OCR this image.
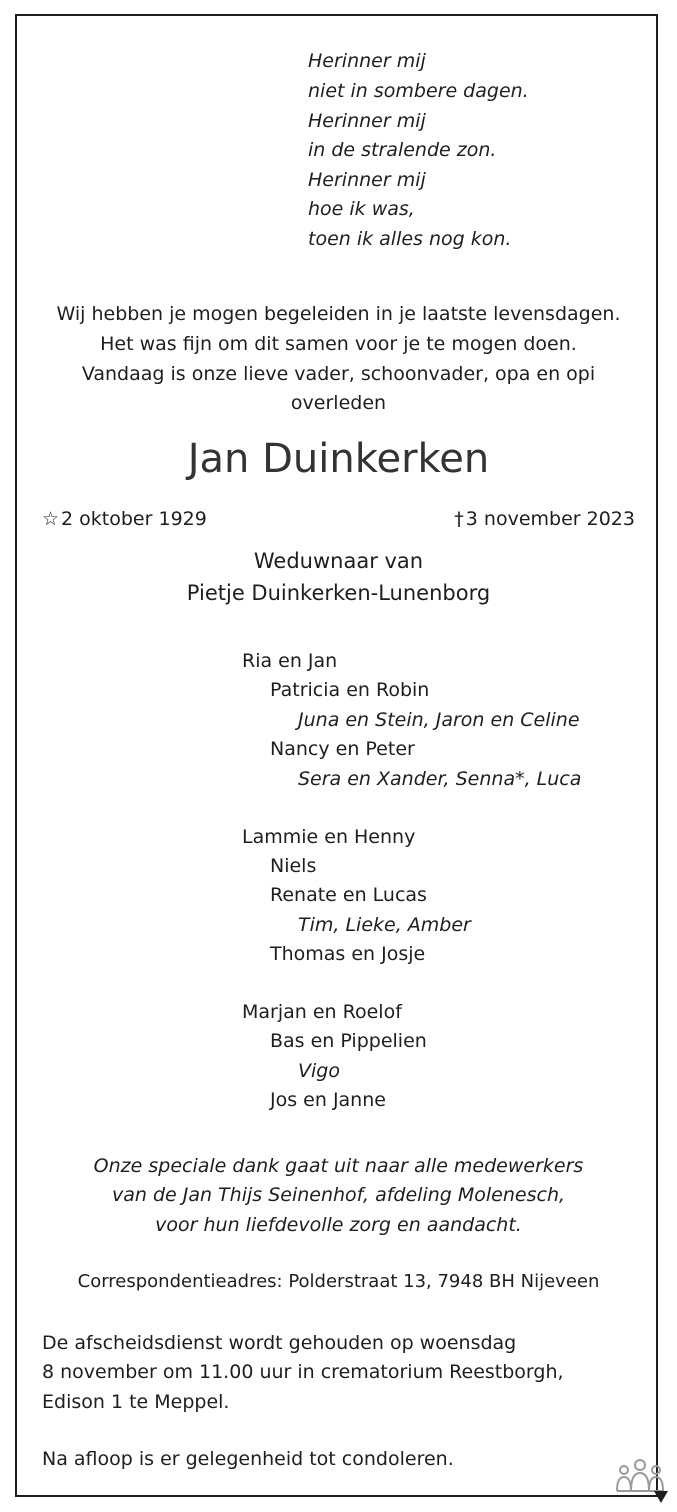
Herinner mij
niet in sombere dagen.
Herinner mij
in de stralende zon.
Herinner mij
hoe ik was,
toen ik alles nog kon.
Wij hebben je mogen begeleiden in je laatste levensdagen.
Het was fijn om dit samen voor je te mogen doen.
Vandaag is onze lieve vader, schoonvader, opa en opi
overleden
Jan Duinkerken
☆ 2 oktober 1929	† 3 november 2023
Weduwnaar van
Pietje Duinkerken-Lunenborg
Ria en Jan
Patricia en Robin
Juna en Stein, Jaron en Celine
Nancy en Peter
Sera en Xander, Senna*, Luca
Lammie en Henny
Niels
Renate en Lucas
Tim, Lieke, Amber
Thomas en Josje
Marjan en Roelof
Bas en Pippelien
Vigo
Jos en Janne
Onze speciale dank gaat uit naar alle medewerkers
van de Jan Thijs Seinenhof, afdeling Molenesch,
voor hun liefdevolle zorg en aandacht.
Correspondentieadres: Polderstraat 13, 7948 BH Nijeveen
De afscheidsdienst wordt gehouden op woensdag
8 november om 11.00 uur in crematorium Reestborgh,
Edison 1 te Meppel.
Na afloop is er gelegenheid tot condoleren.
